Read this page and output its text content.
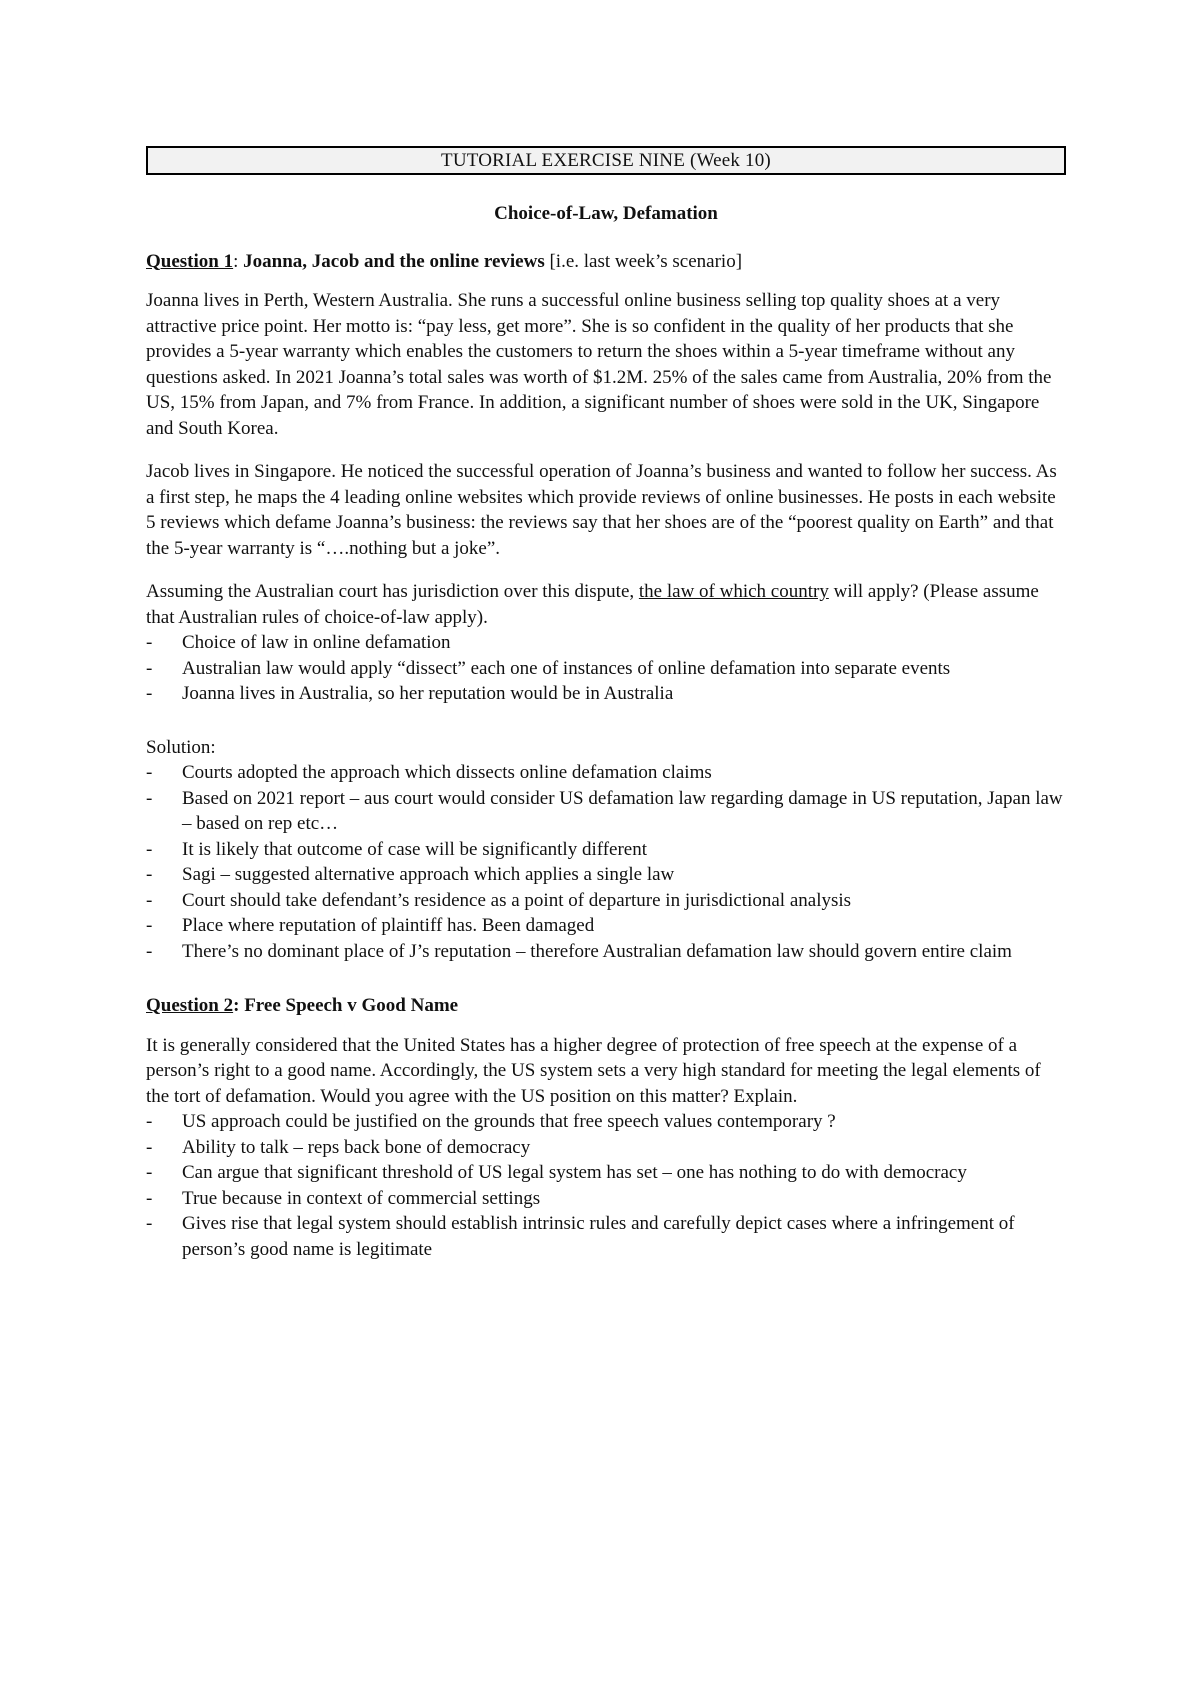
TUTORIAL EXERCISE NINE (Week 10)
Choice-of-Law, Defamation
Question 1: Joanna, Jacob and the online reviews [i.e. last week’s scenario]

Joanna lives in Perth, Western Australia. She runs a successful online business selling top quality shoes at a very attractive price point. Her motto is: “pay less, get more”. She is so confident in the quality of her products that she provides a 5-year warranty which enables the customers to return the shoes within a 5-year timeframe without any questions asked. In 2021 Joanna’s total sales was worth of $1.2M. 25% of the sales came from Australia, 20% from the US, 15% from Japan, and 7% from France. In addition, a significant number of shoes were sold in the UK, Singapore and South Korea.

Jacob lives in Singapore. He noticed the successful operation of Joanna’s business and wanted to follow her success. As a first step, he maps the 4 leading online websites which provide reviews of online businesses. He posts in each website 5 reviews which defame Joanna’s business: the reviews say that her shoes are of the “poorest quality on Earth” and that the 5-year warranty is “….nothing but a joke”.

Assuming the Australian court has jurisdiction over this dispute, the law of which country will apply? (Please assume that Australian rules of choice-of-law apply).

- Choice of law in online defamation
- Australian law would apply “dissect” each one of instances of online defamation into separate events
- Joanna lives in Australia, so her reputation would be in Australia
Solution:
- Courts adopted the approach which dissects online defamation claims
- Based on 2021 report – aus court would consider US defamation law regarding damage in US reputation, Japan law – based on rep etc…
- It is likely that outcome of case will be significantly different
- Sagi – suggested alternative approach which applies a single law
- Court should take defendant’s residence as a point of departure in jurisdictional analysis
- Place where reputation of plaintiff has. Been damaged
- There’s no dominant place of J’s reputation – therefore Australian defamation law should govern entire claim
Question 2: Free Speech v Good Name

It is generally considered that the United States has a higher degree of protection of free speech at the expense of a person’s right to a good name. Accordingly, the US system sets a very high standard for meeting the legal elements of the tort of defamation. Would you agree with the US position on this matter? Explain.

- US approach could be justified on the grounds that free speech values contemporary ?
- Ability to talk – reps back bone of democracy
- Can argue that significant threshold of US legal system has set – one has nothing to do with democracy
- True because in context of commercial settings
- Gives rise that legal system should establish intrinsic rules and carefully depict cases where a infringement of person’s good name is legitimate
